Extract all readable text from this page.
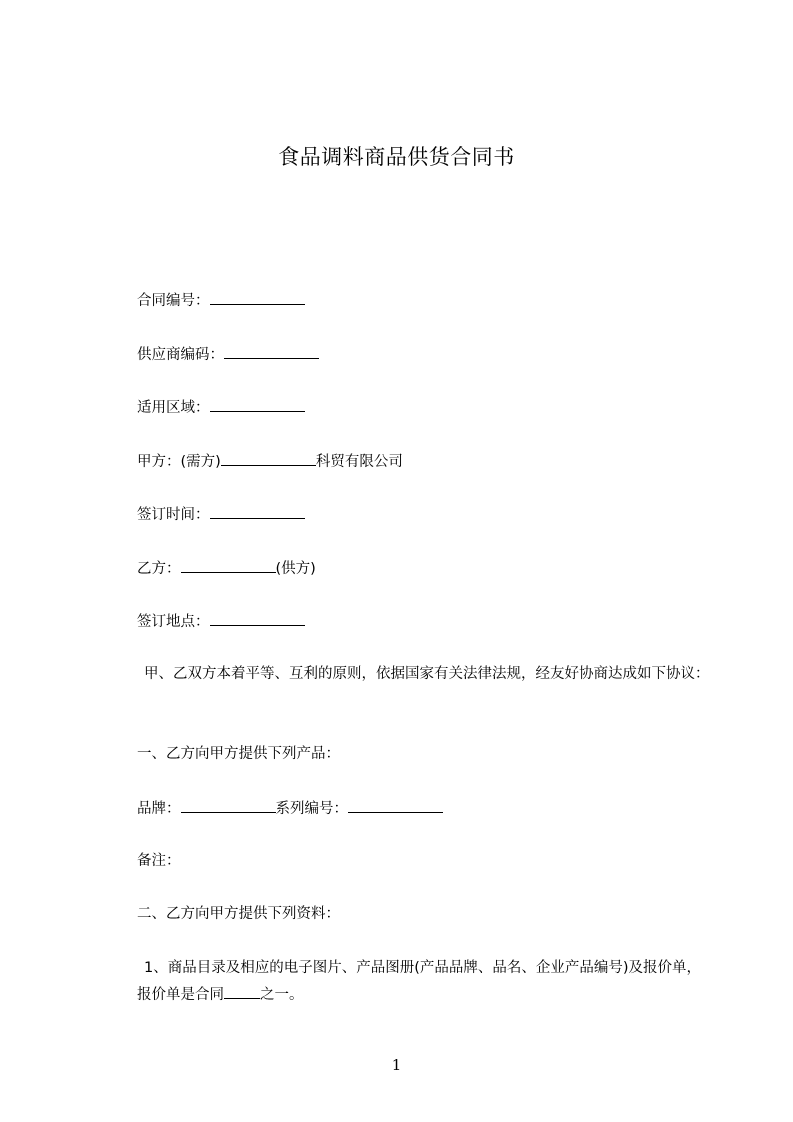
食品调料商品供货合同书
合同编号：
供应商编码：
适用区域：
甲方：(需方)	科贸有限公司
签订时间：
乙方：	(供方)
签订地点：
甲、乙双方本着平等、互利的原则，依据国家有关法律法规，经友好协商达成如下协议：
一、乙方向甲方提供下列产品：
品牌：	系列编号：
备注：
二、乙方向甲方提供下列资料：
1、商品目录及相应的电子图片、产品图册(产品品牌、品名、企业产品编号)及报价单，报价单是合同 之一。
1
